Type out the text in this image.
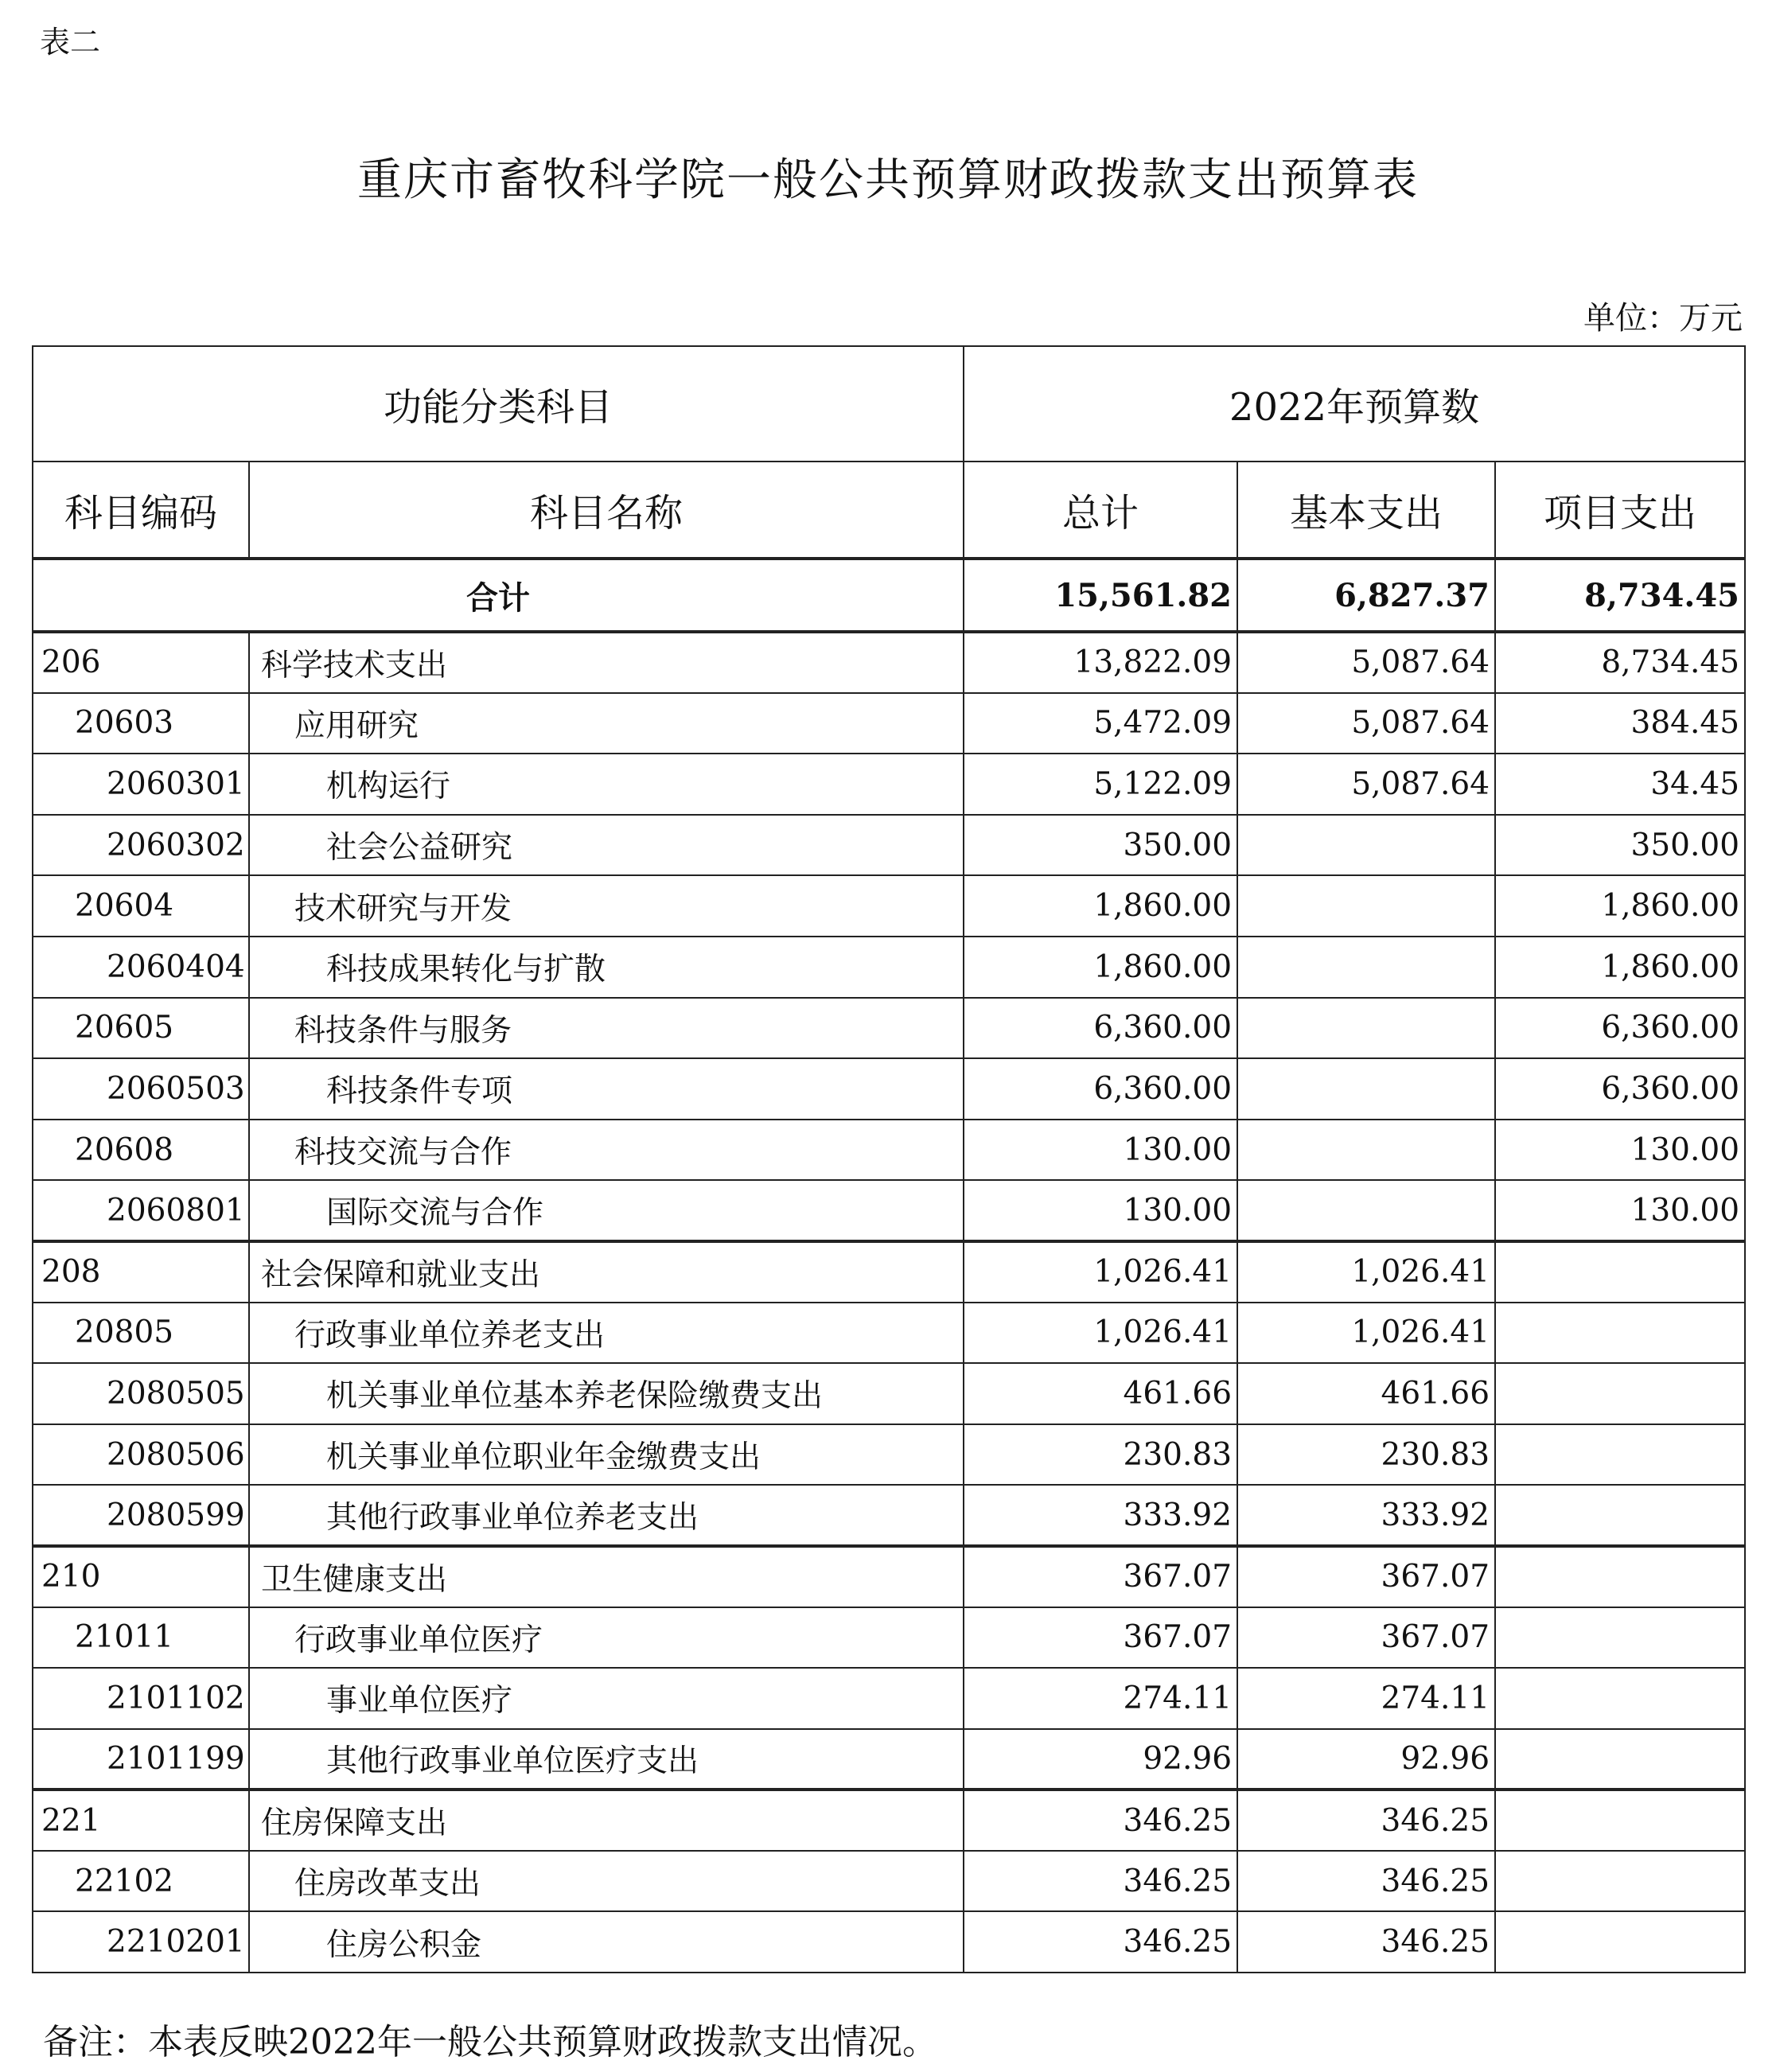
表二
重庆市畜牧科学院一般公共预算财政拨款支出预算表
单位：万元
功能分类科目		2022年预算数		
科目编码	科目名称	总计	基本支出	项目支出
合计		15,561.82	6,827.37	8,734.45
206	科学技术支出	13,822.09	5,087.64	8,734.45
20603	应用研究	5,472.09	5,087.64	384.45
2060301	机构运行	5,122.09	5,087.64	34.45
2060302	社会公益研究	350.00		350.00
20604	技术研究与开发	1,860.00		1,860.00
2060404	科技成果转化与扩散	1,860.00		1,860.00
20605	科技条件与服务	6,360.00		6,360.00
2060503	科技条件专项	6,360.00		6,360.00
20608	科技交流与合作	130.00		130.00
2060801	国际交流与合作	130.00		130.00
208	社会保障和就业支出	1,026.41	1,026.41	
20805	行政事业单位养老支出	1,026.41	1,026.41	
2080505	机关事业单位基本养老保险缴费支出	461.66	461.66	
2080506	机关事业单位职业年金缴费支出	230.83	230.83	
2080599	其他行政事业单位养老支出	333.92	333.92	
210	卫生健康支出	367.07	367.07	
21011	行政事业单位医疗	367.07	367.07	
2101102	事业单位医疗	274.11	274.11	
2101199	其他行政事业单位医疗支出	92.96	92.96	
221	住房保障支出	346.25	346.25	
22102	住房改革支出	346.25	346.25	
2210201	住房公积金	346.25	346.25	
备注：本表反映2022年一般公共预算财政拨款支出情况。
